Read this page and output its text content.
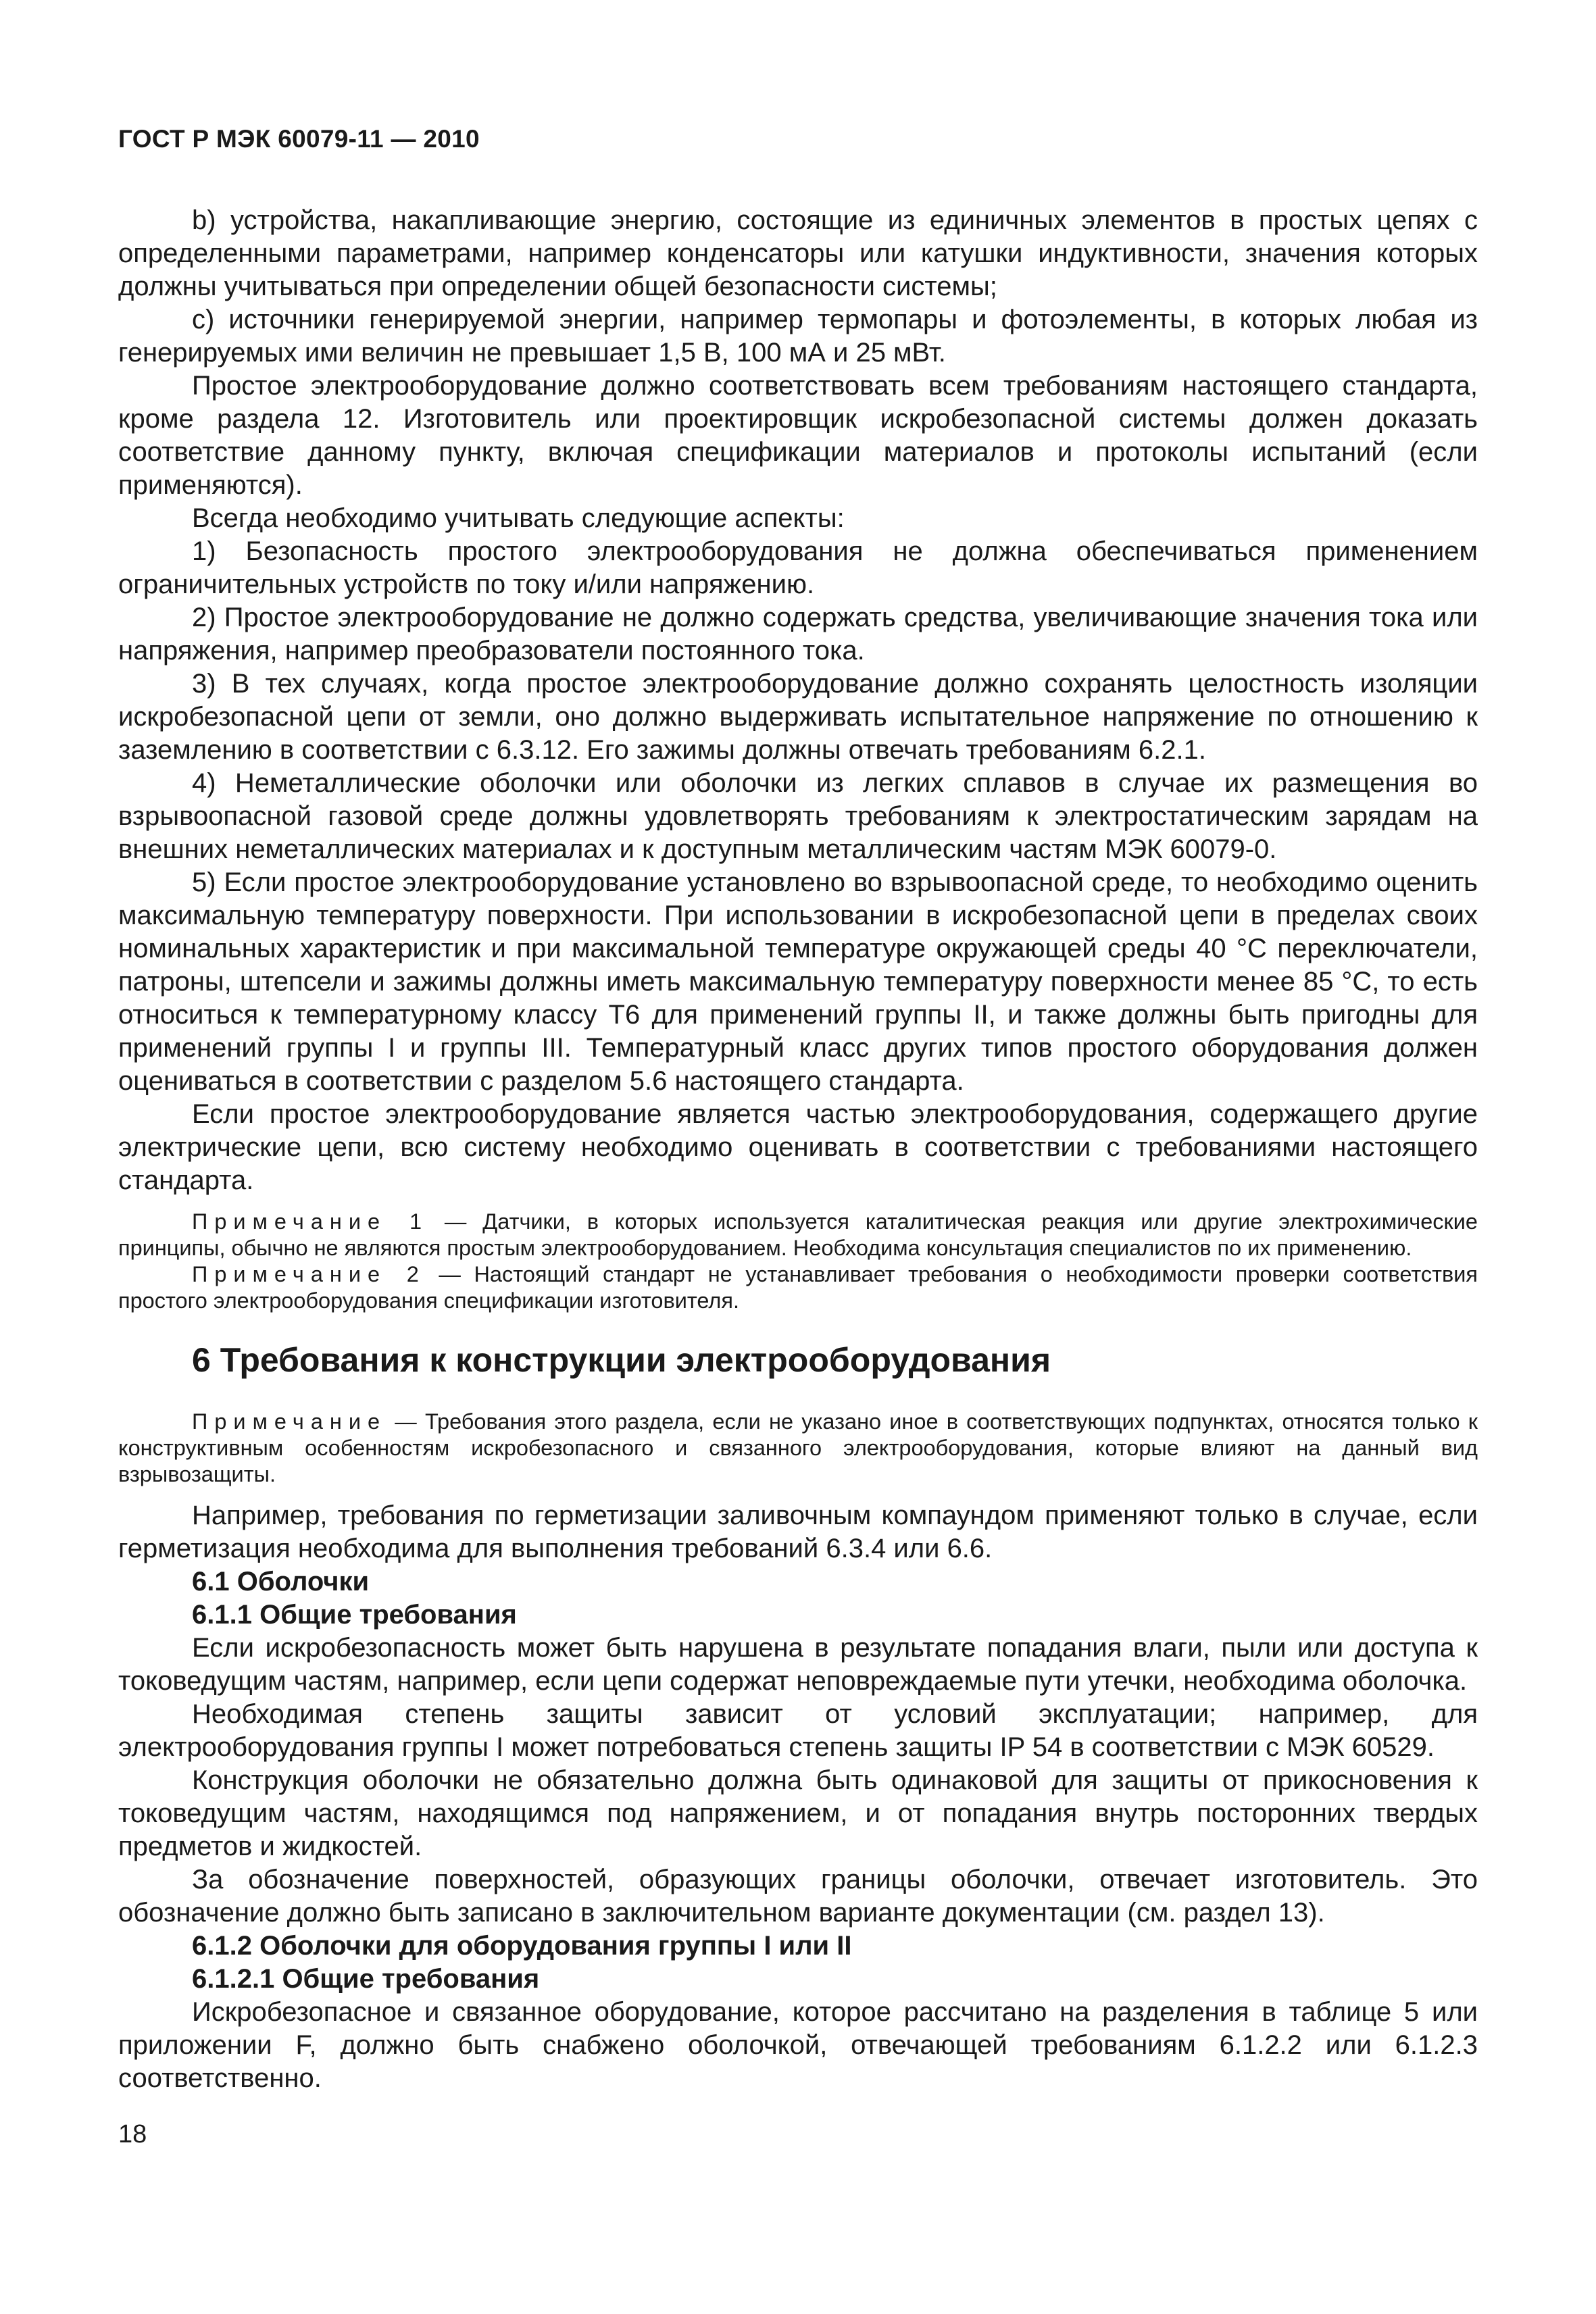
ГОСТ Р МЭК 60079-11 — 2010

b) устройства, накапливающие энергию, состоящие из единичных элементов в простых цепях с определенными параметрами, например конденсаторы или катушки индуктивности, значения которых должны учитываться при определении общей безопасности системы;

c) источники генерируемой энергии, например термопары и фотоэлементы, в которых любая из генерируемых ими величин не превышает 1,5 В, 100 мА и 25 мВт.

Простое электрооборудование должно соответствовать всем требованиям настоящего стандарта, кроме раздела 12. Изготовитель или проектировщик искробезопасной системы должен доказать соответствие данному пункту, включая спецификации материалов и протоколы испытаний (если применяются).

Всегда необходимо учитывать следующие аспекты:

1) Безопасность простого электрооборудования не должна обеспечиваться применением ограничительных устройств по току и/или напряжению.

2) Простое электрооборудование не должно содержать средства, увеличивающие значения тока или напряжения, например преобразователи постоянного тока.

3) В тех случаях, когда простое электрооборудование должно сохранять целостность изоляции искробезопасной цепи от земли, оно должно выдерживать испытательное напряжение по отношению к заземлению в соответствии с 6.3.12. Его зажимы должны отвечать требованиям 6.2.1.

4) Неметаллические оболочки или оболочки из легких сплавов в случае их размещения во взрывоопасной газовой среде должны удовлетворять требованиям к электростатическим зарядам на внешних неметаллических материалах и к доступным металлическим частям МЭК 60079-0.

5) Если простое электрооборудование установлено во взрывоопасной среде, то необходимо оценить максимальную температуру поверхности. При использовании в искробезопасной цепи в пределах своих номинальных характеристик и при максимальной температуре окружающей среды 40 °С переключатели, патроны, штепсели и зажимы должны иметь максимальную температуру поверхности менее 85 °С, то есть относиться к температурному классу Т6 для применений группы II, и также должны быть пригодны для применений группы I и группы III. Температурный класс других типов простого оборудования должен оцениваться в соответствии с разделом 5.6 настоящего стандарта.

Если простое электрооборудование является частью электрооборудования, содержащего другие электрические цепи, всю систему необходимо оценивать в соответствии с требованиями настоящего стандарта.

Примечание 1 — Датчики, в которых используется каталитическая реакция или другие электрохимические принципы, обычно не являются простым электрооборудованием. Необходима консультация специалистов по их применению.

Примечание 2 — Настоящий стандарт не устанавливает требования о необходимости проверки соответствия простого электрооборудования спецификации изготовителя.

6 Требования к конструкции электрооборудования

Примечание — Требования этого раздела, если не указано иное в соответствующих подпунктах, относятся только к конструктивным особенностям искробезопасного и связанного электрооборудования, которые влияют на данный вид взрывозащиты.

Например, требования по герметизации заливочным компаундом применяют только в случае, если герметизация необходима для выполнения требований 6.3.4 или 6.6.

6.1 Оболочки
6.1.1 Общие требования

Если искробезопасность может быть нарушена в результате попадания влаги, пыли или доступа к токоведущим частям, например, если цепи содержат неповреждаемые пути утечки, необходима оболочка.

Необходимая степень защиты зависит от условий эксплуатации; например, для электрооборудования группы I может потребоваться степень защиты IP 54 в соответствии с МЭК 60529.

Конструкция оболочки не обязательно должна быть одинаковой для защиты от прикосновения к токоведущим частям, находящимся под напряжением, и от попадания внутрь посторонних твердых предметов и жидкостей.

За обозначение поверхностей, образующих границы оболочки, отвечает изготовитель. Это обозначение должно быть записано в заключительном варианте документации (см. раздел 13).

6.1.2 Оболочки для оборудования группы I или II
6.1.2.1 Общие требования

Искробезопасное и связанное оборудование, которое рассчитано на разделения в таблице 5 или приложении F, должно быть снабжено оболочкой, отвечающей требованиям 6.1.2.2 или 6.1.2.3 соответственно.

18
